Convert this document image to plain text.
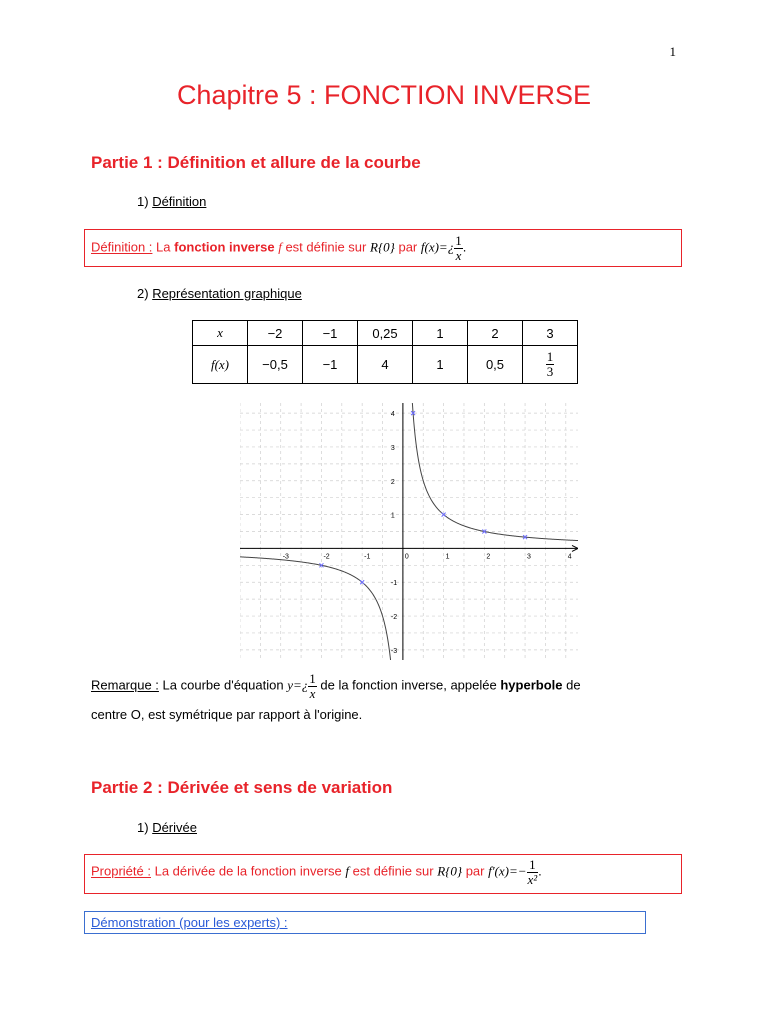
1
Chapitre 5 : FONCTION INVERSE
Partie 1 : Définition et allure de la courbe
1) Définition
Définition : La fonction inverse f est définie sur R{0} par f(x)=¿ $\frac{1}{x}$ .
2) Représentation graphique
x	−2	−1	0,25	1	2	3
f(x)	−0,5	−1	4	1	0,5	$\frac{1}{3}$
-3	-2	-1	0	1	2	3	4
4
3
2
1
-1
-2
-3
Remarque : La courbe d'équation y=¿ $\frac{1}{x}$ de la fonction inverse, appelée hyperbole de
centre O, est symétrique par rapport à l'origine.
Partie 2 : Dérivée et sens de variation
1) Dérivée
Propriété : La dérivée de la fonction inverse f est définie sur R{0} par $f'(x)=- \frac{1}{\text{x²}}$ .
Démonstration (pour les experts) :
